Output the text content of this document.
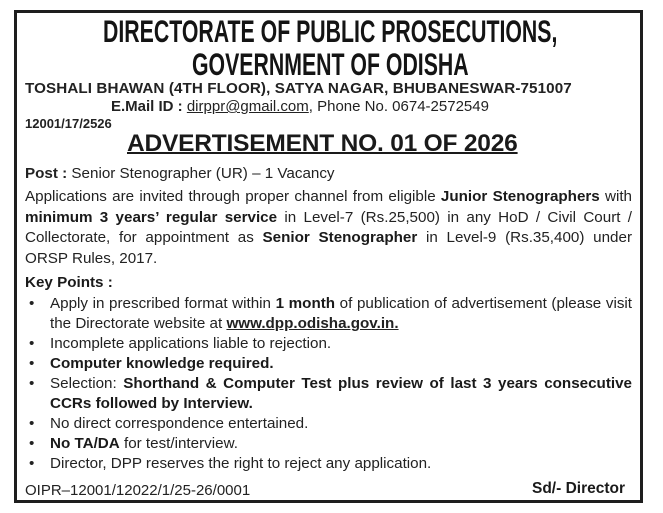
DIRECTORATE OF PUBLIC PROSECUTIONS,
GOVERNMENT OF ODISHA
TOSHALI BHAWAN (4TH FLOOR), SATYA NAGAR, BHUBANESWAR-751007
E.Mail ID : dirppr@gmail.com, Phone No. 0674-2572549
12001/17/2526
ADVERTISEMENT NO. 01 OF 2026
Post : Senior Stenographer (UR) – 1 Vacancy
Applications are invited through proper channel from eligible Junior Stenographers with minimum 3 years’ regular service in Level-7 (Rs.25,500) in any HoD / Civil Court / Collectorate, for appointment as Senior Stenographer in Level-9 (Rs.35,400) under ORSP Rules, 2017.
Key Points :
• Apply in prescribed format within 1 month of publication of advertisement (please visit the Directorate website at www.dpp.odisha.gov.in.
• Incomplete applications liable to rejection.
• Computer knowledge required.
• Selection: Shorthand & Computer Test plus review of last 3 years consecutive CCRs followed by Interview.
• No direct correspondence entertained.
• No TA/DA for test/interview.
• Director, DPP reserves the right to reject any application.
OIPR–12001/12022/1/25-26/0001	Sd/- Director
